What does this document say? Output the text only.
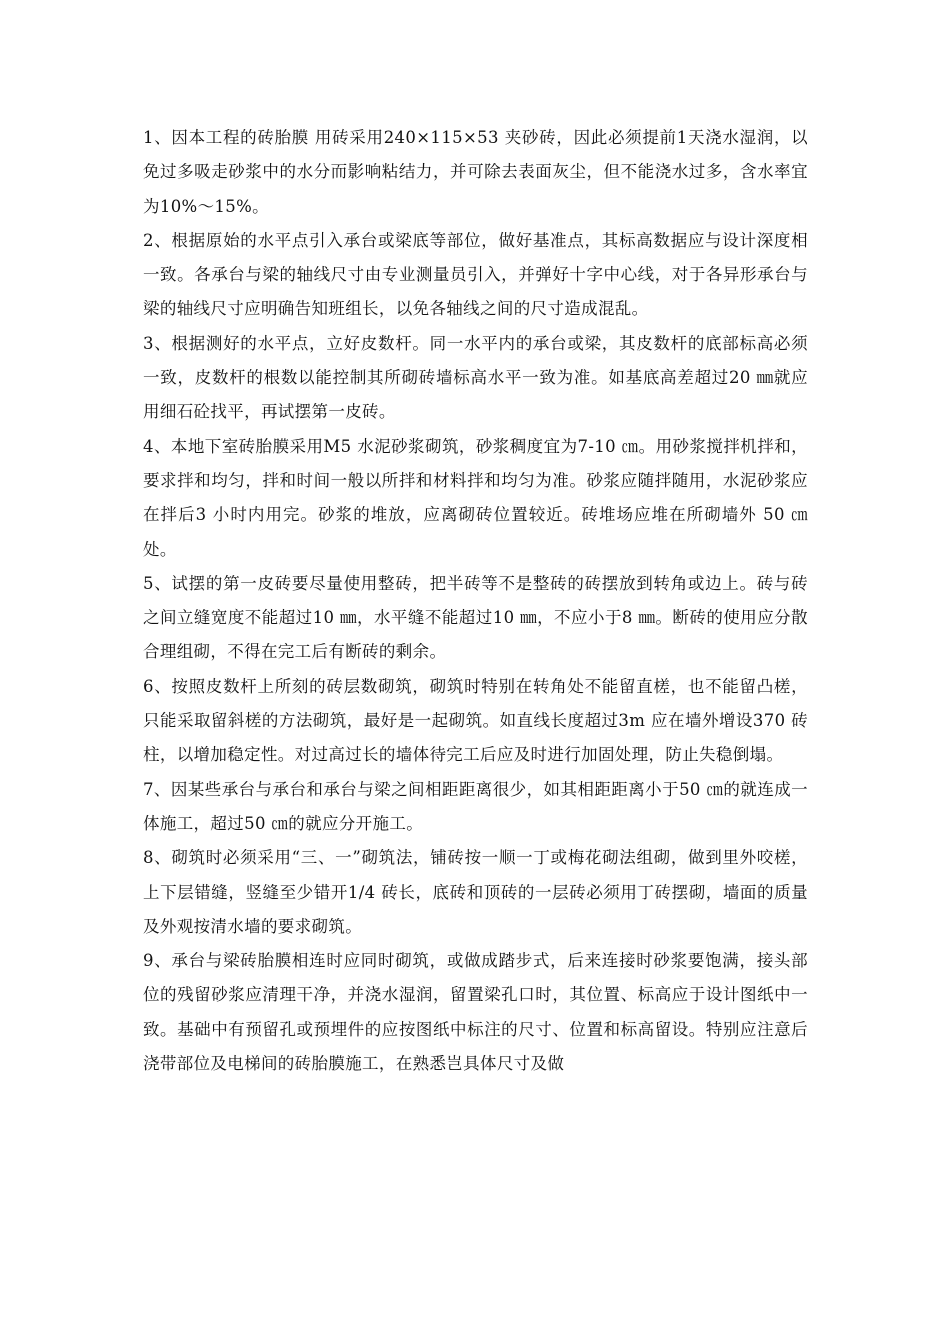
1、因本工程的砖胎膜 用砖采用240×115×53 夹砂砖，因此必须提前1天浇水湿润，以免过多吸走砂浆中的水分而影响粘结力，并可除去表面灰尘，但不能浇水过多，含水率宜为10%～15%。

2、根据原始的水平点引入承台或梁底等部位，做好基准点，其标高数据应与设计深度相一致。各承台与梁的轴线尺寸由专业测量员引入，并弹好十字中心线，对于各异形承台与梁的轴线尺寸应明确告知班组长，以免各轴线之间的尺寸造成混乱。

3、根据测好的水平点，立好皮数杆。同一水平内的承台或梁，其皮数杆的底部标高必须一致，皮数杆的根数以能控制其所砌砖墙标高水平一致为准。如基底高差超过20 ㎜就应用细石砼找平，再试摆第一皮砖。

4、本地下室砖胎膜采用M5 水泥砂浆砌筑，砂浆稠度宜为7-10 ㎝。用砂浆搅拌机拌和，要求拌和均匀，拌和时间一般以所拌和材料拌和均匀为准。砂浆应随拌随用，水泥砂浆应在拌后3 小时内用完。砂浆的堆放，应离砌砖位置较近。砖堆场应堆在所砌墙外 50 ㎝处。

5、试摆的第一皮砖要尽量使用整砖，把半砖等不是整砖的砖摆放到转角或边上。砖与砖之间立缝宽度不能超过10 ㎜，水平缝不能超过10 ㎜，不应小于8 ㎜。断砖的使用应分散合理组砌，不得在完工后有断砖的剩余。

6、按照皮数杆上所刻的砖层数砌筑，砌筑时特别在转角处不能留直槎，也不能留凸槎，只能采取留斜槎的方法砌筑，最好是一起砌筑。如直线长度超过3m 应在墙外增设370 砖柱，以增加稳定性。对过高过长的墙体待完工后应及时进行加固处理，防止失稳倒塌。

7、因某些承台与承台和承台与梁之间相距距离很少，如其相距距离小于50 ㎝的就连成一体施工，超过50 ㎝的就应分开施工。

8、砌筑时必须采用“三、一”砌筑法，铺砖按一顺一丁或梅花砌法组砌，做到里外咬槎，上下层错缝，竖缝至少错开1/4 砖长，底砖和顶砖的一层砖必须用丁砖摆砌，墙面的质量及外观按清水墙的要求砌筑。

9、承台与梁砖胎膜相连时应同时砌筑，或做成踏步式，后来连接时砂浆要饱满，接头部位的残留砂浆应清理干净，并浇水湿润，留置梁孔口时，其位置、标高应于设计图纸中一致。基础中有预留孔或预埋件的应按图纸中标注的尺寸、位置和标高留设。特别应注意后浇带部位及电梯间的砖胎膜施工，在熟悉岂具体尺寸及做
